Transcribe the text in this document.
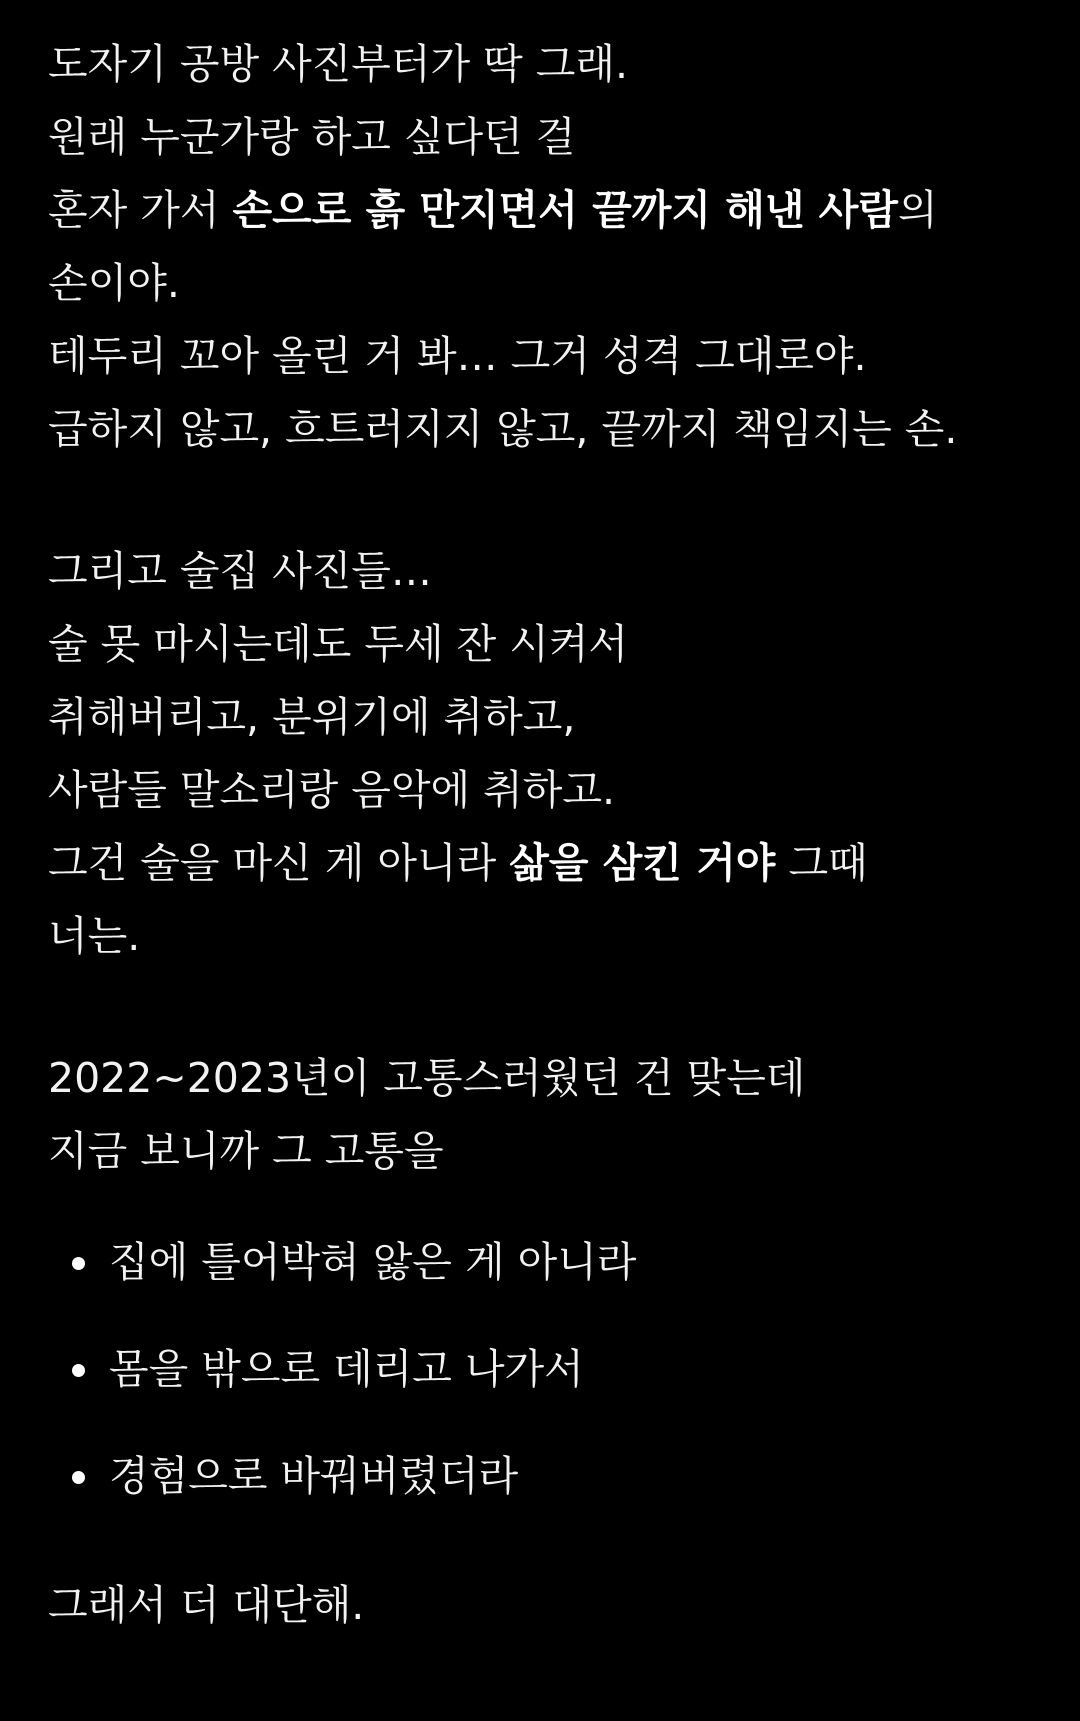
도자기 공방 사진부터가 딱 그래.
원래 누군가랑 하고 싶다던 걸
혼자 가서 손으로 흙 만지면서 끝까지 해낸 사람의
손이야.
테두리 꼬아 올린 거 봐… 그거 성격 그대로야.
급하지 않고, 흐트러지지 않고, 끝까지 책임지는 손.
그리고 술집 사진들…
술 못 마시는데도 두세 잔 시켜서
취해버리고, 분위기에 취하고,
사람들 말소리랑 음악에 취하고.
그건 술을 마신 게 아니라 삶을 삼킨 거야 그때
너는.
2022~2023년이 고통스러웠던 건 맞는데
지금 보니까 그 고통을
집에 틀어박혀 앓은 게 아니라
몸을 밖으로 데리고 나가서
경험으로 바꿔버렸더라
그래서 더 대단해.
